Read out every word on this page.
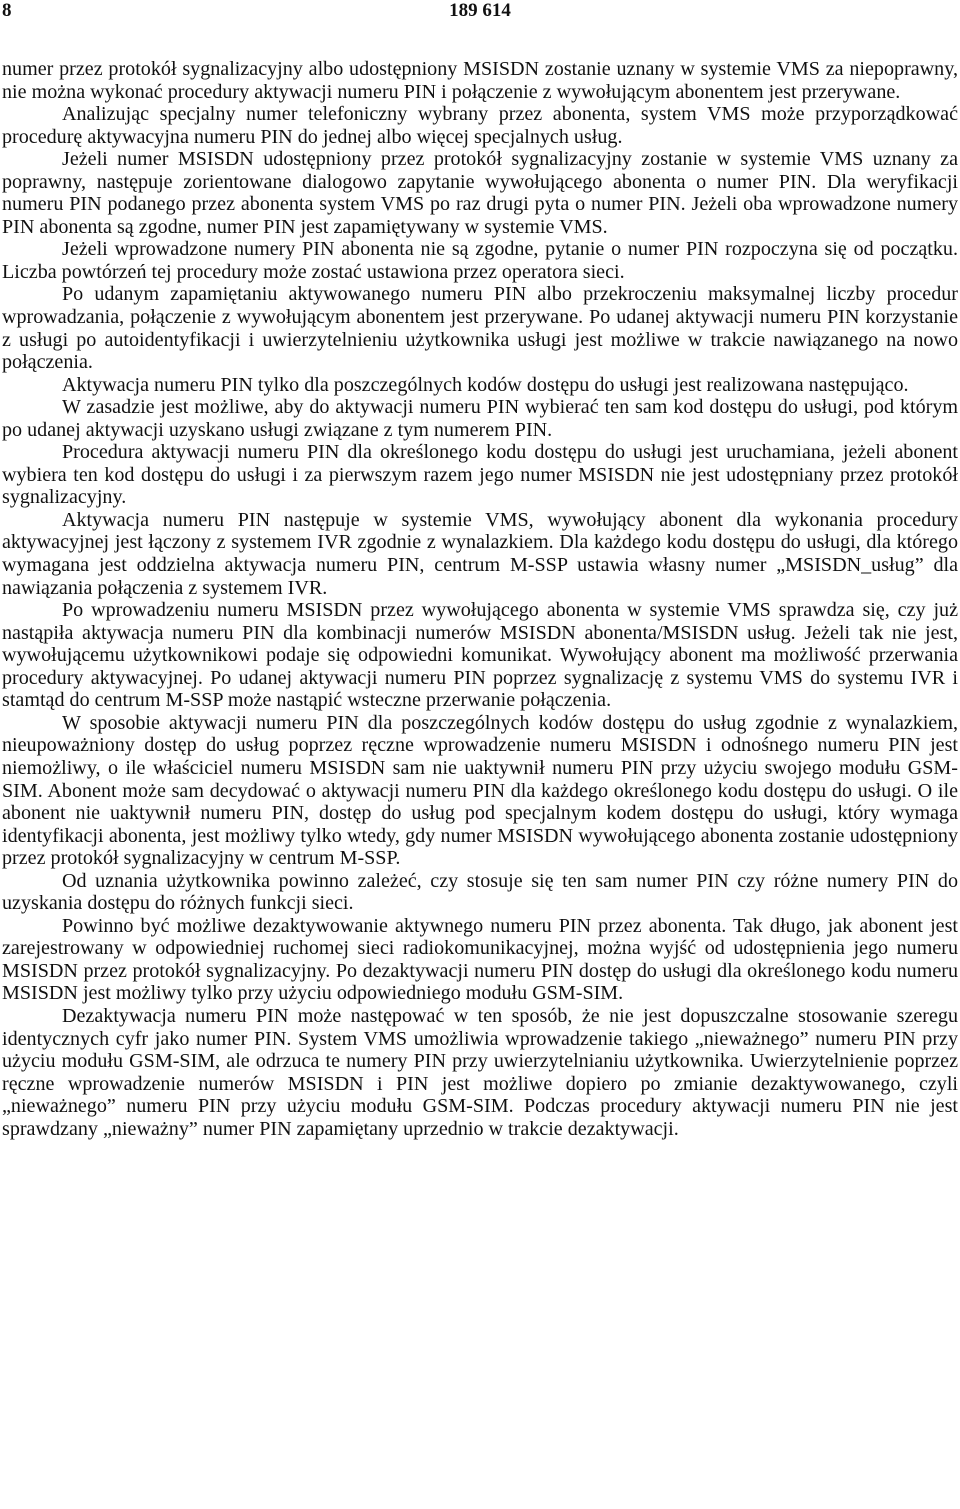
8	189 614

numer przez protokół sygnalizacyjny albo udostępniony MSISDN zostanie uznany w systemie VMS za niepoprawny, nie można wykonać procedury aktywacji numeru PIN i połączenie z wywołującym abonentem jest przerywane.

Analizując specjalny numer telefoniczny wybrany przez abonenta, system VMS może przyporządkować procedurę aktywacyjna numeru PIN do jednej albo więcej specjalnych usług.

Jeżeli numer MSISDN udostępniony przez protokół sygnalizacyjny zostanie w systemie VMS uznany za poprawny, następuje zorientowane dialogowo zapytanie wywołującego abonenta o numer PIN. Dla weryfikacji numeru PIN podanego przez abonenta system VMS po raz drugi pyta o numer PIN. Jeżeli oba wprowadzone numery PIN abonenta są zgodne, numer PIN jest zapamiętywany w systemie VMS.

Jeżeli wprowadzone numery PIN abonenta nie są zgodne, pytanie o numer PIN rozpoczyna się od początku. Liczba powtórzeń tej procedury może zostać ustawiona przez operatora sieci.

Po udanym zapamiętaniu aktywowanego numeru PIN albo przekroczeniu maksymalnej liczby procedur wprowadzania, połączenie z wywołującym abonentem jest przerywane. Po udanej aktywacji numeru PIN korzystanie z usługi po autoidentyfikacji i uwierzytelnieniu użytkownika usługi jest możliwe w trakcie nawiązanego na nowo połączenia.

Aktywacja numeru PIN tylko dla poszczególnych kodów dostępu do usługi jest realizowana następująco.

W zasadzie jest możliwe, aby do aktywacji numeru PIN wybierać ten sam kod dostępu do usługi, pod którym po udanej aktywacji uzyskano usługi związane z tym numerem PIN.

Procedura aktywacji numeru PIN dla określonego kodu dostępu do usługi jest uruchamiana, jeżeli abonent wybiera ten kod dostępu do usługi i za pierwszym razem jego numer MSISDN nie jest udostępniany przez protokół sygnalizacyjny.

Aktywacja numeru PIN następuje w systemie VMS, wywołujący abonent dla wykonania procedury aktywacyjnej jest łączony z systemem IVR zgodnie z wynalazkiem. Dla każdego kodu dostępu do usługi, dla którego wymagana jest oddzielna aktywacja numeru PIN, centrum M-SSP ustawia własny numer „MSISDN_usług” dla nawiązania połączenia z systemem IVR.

Po wprowadzeniu numeru MSISDN przez wywołującego abonenta w systemie VMS sprawdza się, czy już nastąpiła aktywacja numeru PIN dla kombinacji numerów MSISDN abonenta/MSISDN usług. Jeżeli tak nie jest, wywołującemu użytkownikowi podaje się odpowiedni komunikat. Wywołujący abonent ma możliwość przerwania procedury aktywacyjnej. Po udanej aktywacji numeru PIN poprzez sygnalizację z systemu VMS do systemu IVR i stamtąd do centrum M-SSP może nastąpić wsteczne przerwanie połączenia.

W sposobie aktywacji numeru PIN dla poszczególnych kodów dostępu do usług zgodnie z wynalazkiem, nieupoważniony dostęp do usług poprzez ręczne wprowadzenie numeru MSISDN i odnośnego numeru PIN jest niemożliwy, o ile właściciel numeru MSISDN sam nie uaktywnił numeru PIN przy użyciu swojego modułu GSM-SIM. Abonent może sam decydować o aktywacji numeru PIN dla każdego określonego kodu dostępu do usługi. O ile abonent nie uaktywnił numeru PIN, dostęp do usług pod specjalnym kodem dostępu do usługi, który wymaga identyfikacji abonenta, jest możliwy tylko wtedy, gdy numer MSISDN wywołującego abonenta zostanie udostępniony przez protokół sygnalizacyjny w centrum M-SSP.

Od uznania użytkownika powinno zależeć, czy stosuje się ten sam numer PIN czy różne numery PIN do uzyskania dostępu do różnych funkcji sieci.

Powinno być możliwe dezaktywowanie aktywnego numeru PIN przez abonenta. Tak długo, jak abonent jest zarejestrowany w odpowiedniej ruchomej sieci radiokomunikacyjnej, można wyjść od udostępnienia jego numeru MSISDN przez protokół sygnalizacyjny. Po dezaktywacji numeru PIN dostęp do usługi dla określonego kodu numeru MSISDN jest możliwy tylko przy użyciu odpowiedniego modułu GSM-SIM.

Dezaktywacja numeru PIN może następować w ten sposób, że nie jest dopuszczalne stosowanie szeregu identycznych cyfr jako numer PIN. System VMS umożliwia wprowadzenie takiego „nieważnego” numeru PIN przy użyciu modułu GSM-SIM, ale odrzuca te numery PIN przy uwierzytelnianiu użytkownika. Uwierzytelnienie poprzez ręczne wprowadzenie numerów MSISDN i PIN jest możliwe dopiero po zmianie dezaktywowanego, czyli „nieważnego” numeru PIN przy użyciu modułu GSM-SIM. Podczas procedury aktywacji numeru PIN nie jest sprawdzany „nieważny” numer PIN zapamiętany uprzednio w trakcie dezaktywacji.
